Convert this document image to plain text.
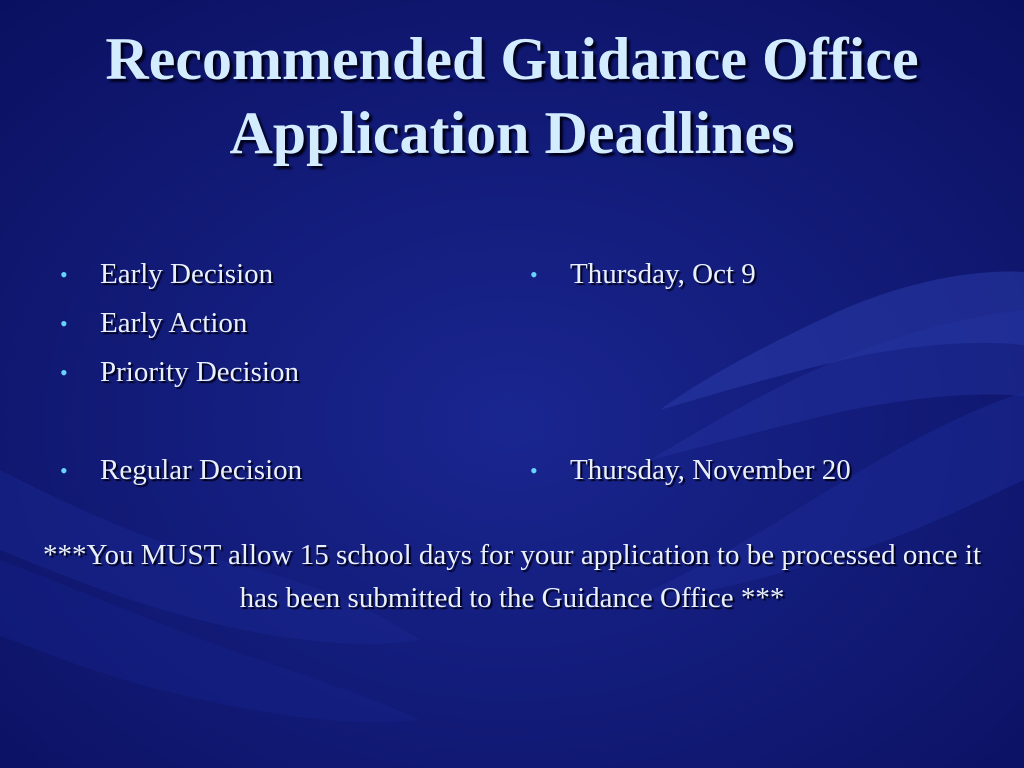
Recommended Guidance Office
Application Deadlines
• Early Decision
• Early Action
• Priority Decision
• Regular Decision
• Thursday, Oct 9
• Thursday, November 20

***You MUST allow 15 school days for your application to be processed once it has been submitted to the Guidance Office ***
